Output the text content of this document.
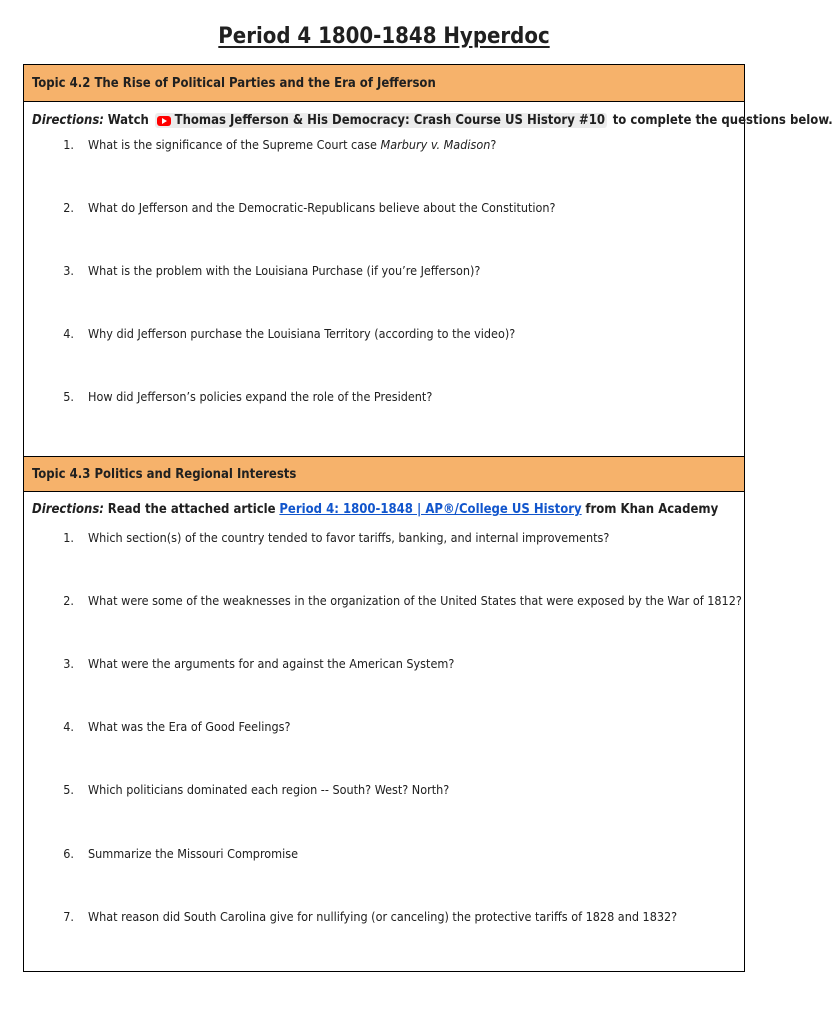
Period 4 1800-1848 Hyperdoc
Topic 4.2 The Rise of Political Parties and the Era of Jefferson
Directions:
Watch
Thomas Jefferson & His Democracy: Crash Course US History #10
to complete the questions below.
1. What is the significance of the Supreme Court case Marbury v. Madison?
2. What do Jefferson and the Democratic-Republicans believe about the Constitution?
3. What is the problem with the Louisiana Purchase (if you’re Jefferson)?
4. Why did Jefferson purchase the Louisiana Territory (according to the video)?
5. How did Jefferson’s policies expand the role of the President?
Topic 4.3 Politics and Regional Interests
Directions:
Read the attached article
Period 4: 1800-1848 | AP®/College US History
from Khan Academy
1. Which section(s) of the country tended to favor tariffs, banking, and internal improvements?
2. What were some of the weaknesses in the organization of the United States that were exposed by the War of 1812?
3. What were the arguments for and against the American System?
4. What was the Era of Good Feelings?
5. Which politicians dominated each region -- South? West? North?
6. Summarize the Missouri Compromise
7. What reason did South Carolina give for nullifying (or canceling) the protective tariffs of 1828 and 1832?
